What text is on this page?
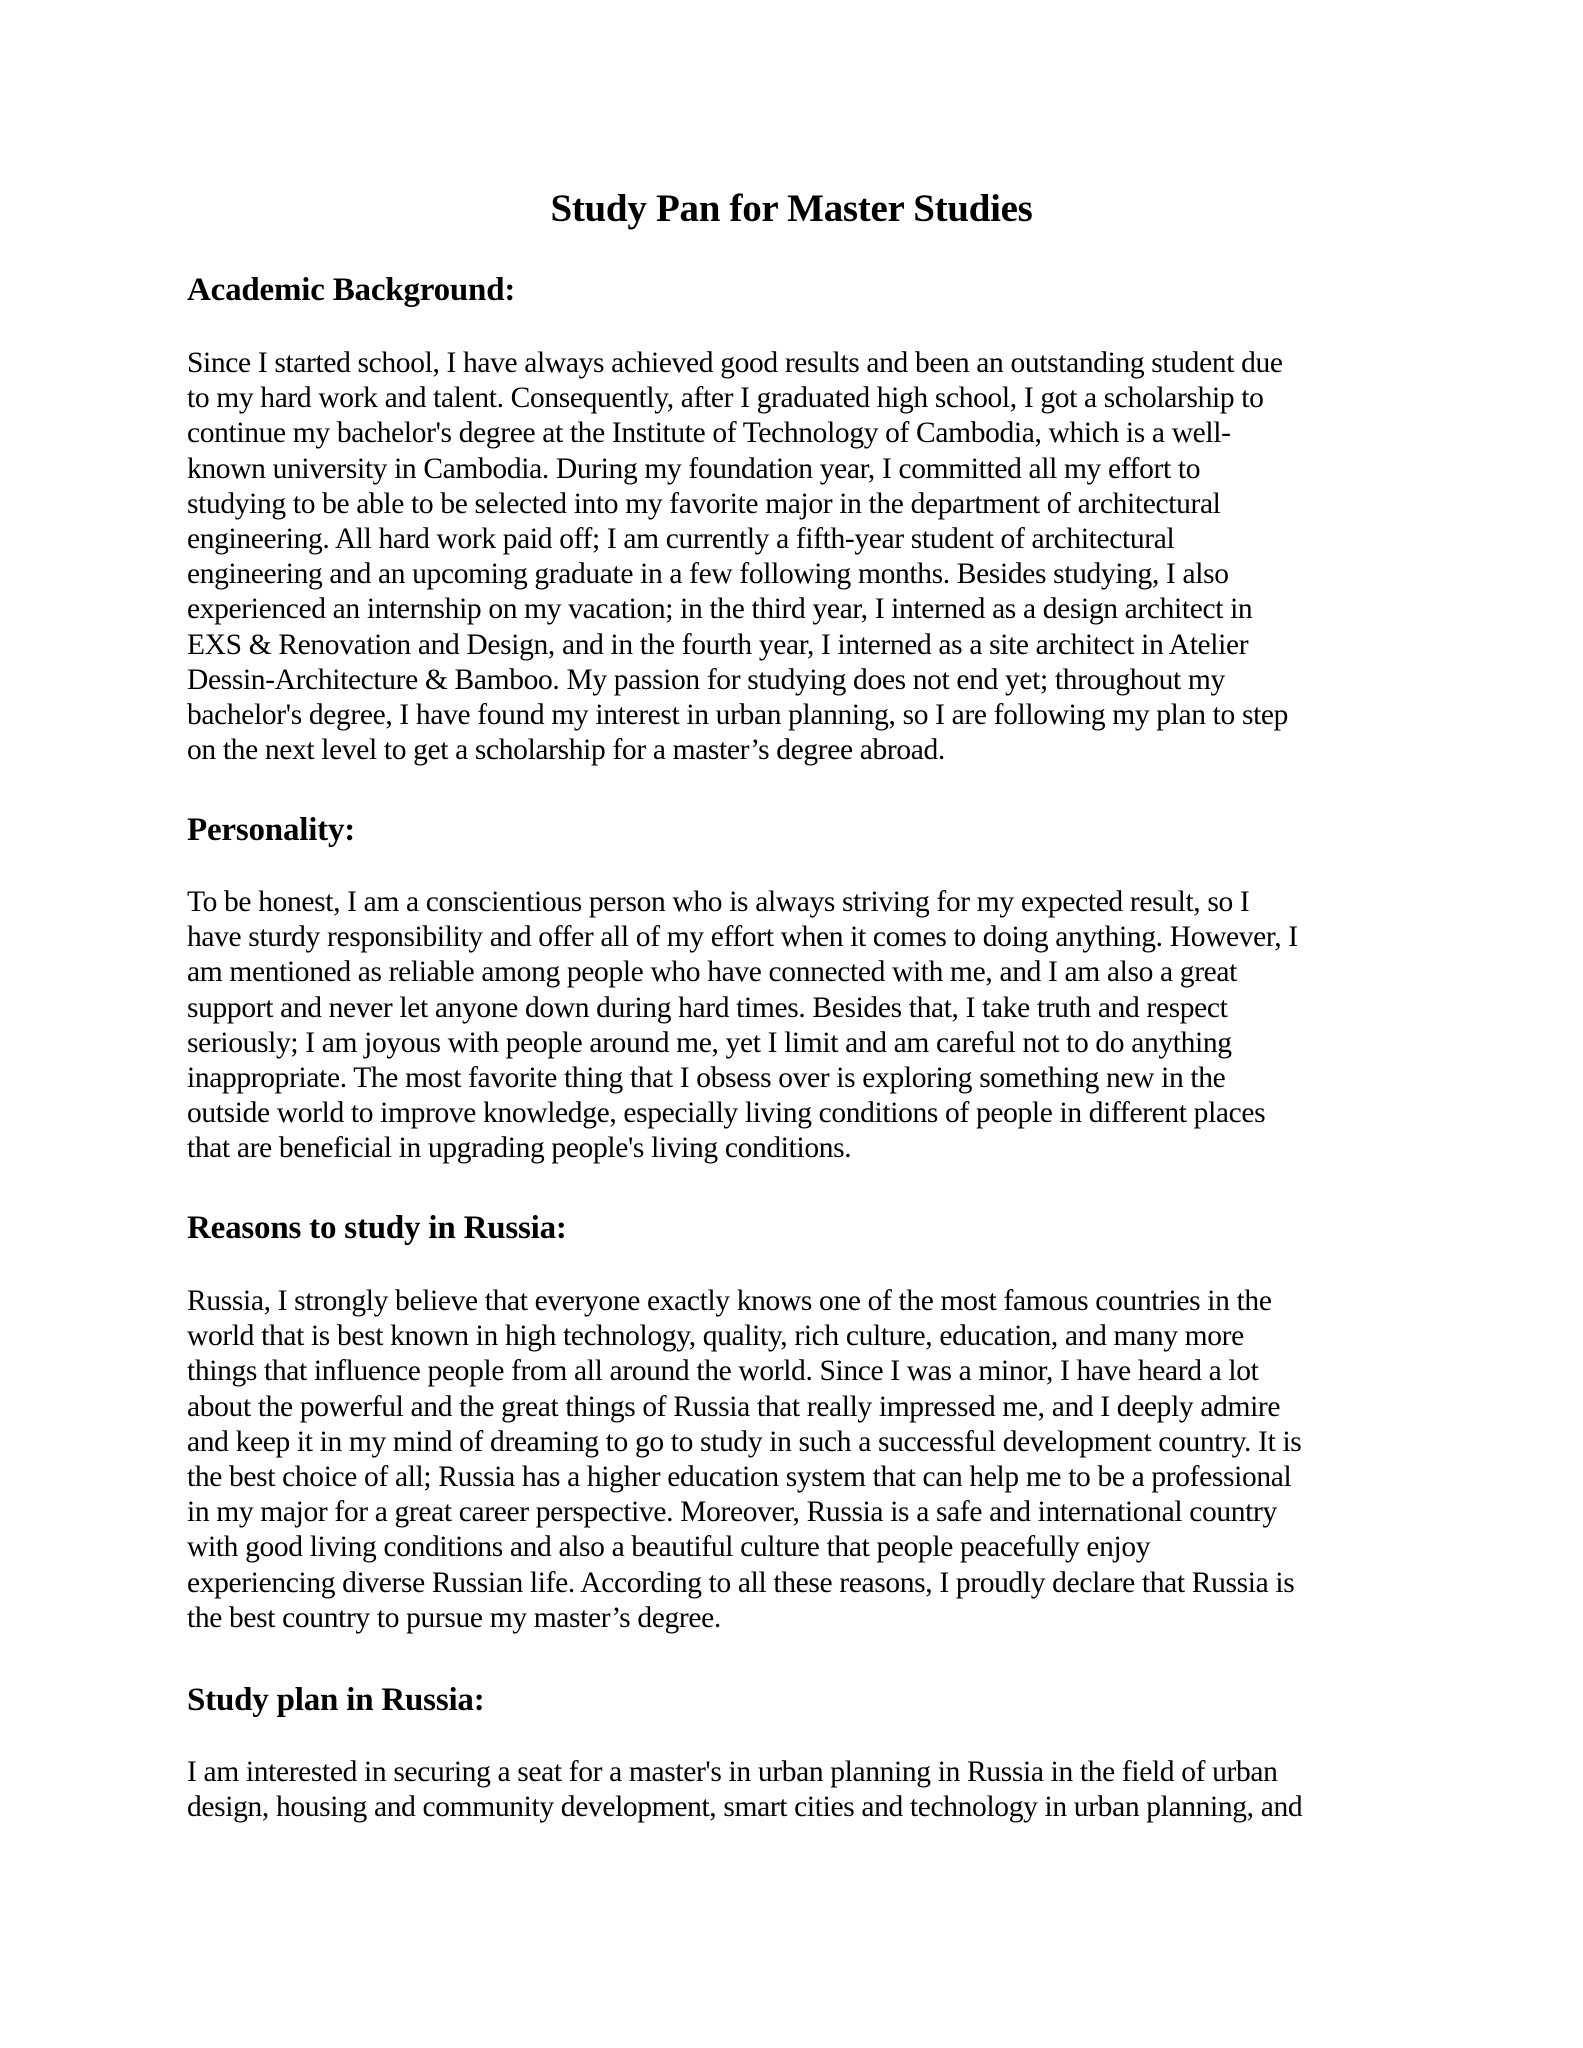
Study Pan for Master Studies
Academic Background:

Since I started school, I have always achieved good results and been an outstanding student due
to my hard work and talent. Consequently, after I graduated high school, I got a scholarship to
continue my bachelor's degree at the Institute of Technology of Cambodia, which is a well-
known university in Cambodia. During my foundation year, I committed all my effort to
studying to be able to be selected into my favorite major in the department of architectural
engineering. All hard work paid off; I am currently a fifth-year student of architectural
engineering and an upcoming graduate in a few following months. Besides studying, I also
experienced an internship on my vacation; in the third year, I interned as a design architect in
EXS & Renovation and Design, and in the fourth year, I interned as a site architect in Atelier
Dessin-Architecture & Bamboo. My passion for studying does not end yet; throughout my
bachelor's degree, I have found my interest in urban planning, so I are following my plan to step
on the next level to get a scholarship for a master’s degree abroad.

Personality:

To be honest, I am a conscientious person who is always striving for my expected result, so I
have sturdy responsibility and offer all of my effort when it comes to doing anything. However, I
am mentioned as reliable among people who have connected with me, and I am also a great
support and never let anyone down during hard times. Besides that, I take truth and respect
seriously; I am joyous with people around me, yet I limit and am careful not to do anything
inappropriate. The most favorite thing that I obsess over is exploring something new in the
outside world to improve knowledge, especially living conditions of people in different places
that are beneficial in upgrading people's living conditions.

Reasons to study in Russia:

Russia, I strongly believe that everyone exactly knows one of the most famous countries in the
world that is best known in high technology, quality, rich culture, education, and many more
things that influence people from all around the world. Since I was a minor, I have heard a lot
about the powerful and the great things of Russia that really impressed me, and I deeply admire
and keep it in my mind of dreaming to go to study in such a successful development country. It is
the best choice of all; Russia has a higher education system that can help me to be a professional
in my major for a great career perspective. Moreover, Russia is a safe and international country
with good living conditions and also a beautiful culture that people peacefully enjoy
experiencing diverse Russian life. According to all these reasons, I proudly declare that Russia is
the best country to pursue my master’s degree.

Study plan in Russia:

I am interested in securing a seat for a master's in urban planning in Russia in the field of urban
design, housing and community development, smart cities and technology in urban planning, and
